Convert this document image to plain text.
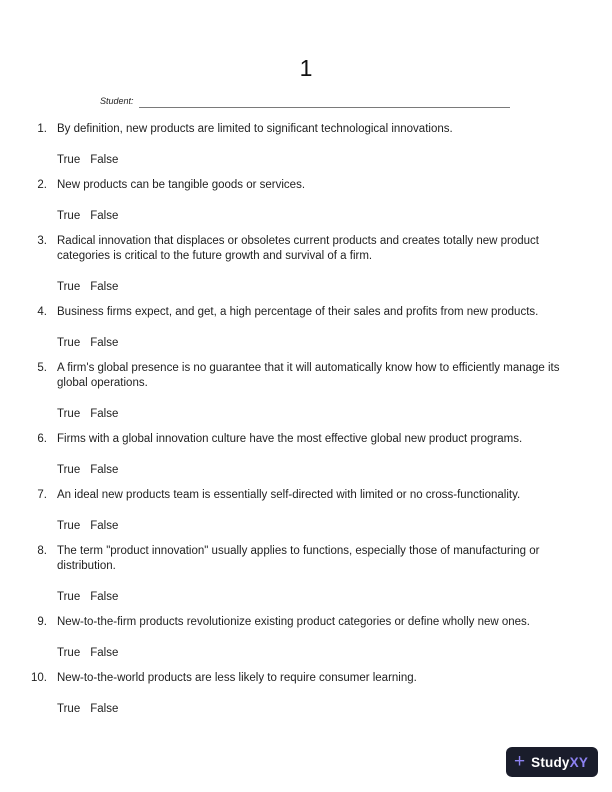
1
Student:
1. By definition, new products are limited to significant technological innovations.
True False
2. New products can be tangible goods or services.
True False
3. Radical innovation that displaces or obsoletes current products and creates totally new product categories is critical to the future growth and survival of a firm.
True False
4. Business firms expect, and get, a high percentage of their sales and profits from new products.
True False
5. A firm's global presence is no guarantee that it will automatically know how to efficiently manage its global operations.
True False
6. Firms with a global innovation culture have the most effective global new product programs.
True False
7. An ideal new products team is essentially self-directed with limited or no cross-functionality.
True False
8. The term "product innovation" usually applies to functions, especially those of manufacturing or distribution.
True False
9. New-to-the-firm products revolutionize existing product categories or define wholly new ones.
True False
10. New-to-the-world products are less likely to require consumer learning.
True False
+ Study XY
